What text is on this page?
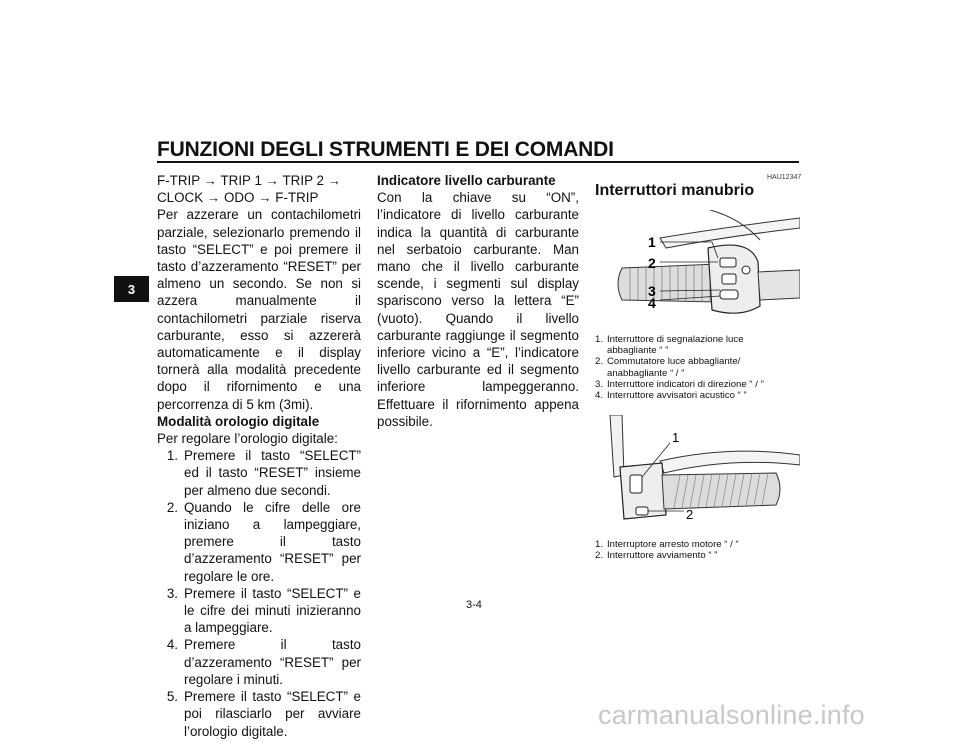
FUNZIONI DEGLI STRUMENTI E DEI COMANDI
3

F-TRIP → TRIP 1 → TRIP 2 → CLOCK → ODO → F-TRIP

Per azzerare un contachilometri parziale, selezionarlo premendo il tasto “SELECT” e poi premere il tasto d’azzeramento “RESET” per almeno un secondo. Se non si azzera manualmente il contachilometri parziale riserva carburante, esso si azzererà automaticamente e il display tornerà alla modalità precedente dopo il rifornimento e una percorrenza di 5 km (3mi).

Modalità orologio digitale

Per regolare l’orologio digitale:

1. Premere il tasto “SELECT” ed il tasto “RESET” insieme per almeno due secondi.
2. Quando le cifre delle ore iniziano a lampeggiare, premere il tasto d’azzeramento “RESET” per regolare le ore.
3. Premere il tasto “SELECT” e le cifre dei minuti inizieranno a lampeggiare.
4. Premere il tasto d’azzeramento “RESET” per regolare i minuti.
5. Premere il tasto “SELECT” e poi rilasciarlo per avviare l’orologio digitale.

Indicatore livello carburante

Con la chiave su “ON”, l’indicatore di livello carburante indica la quantità di carburante nel serbatoio carburante. Man mano che il livello carburante scende, i segmenti sul display spariscono verso la lettera “E” (vuoto). Quando il livello carburante raggiunge il segmento inferiore vicino a “E”, l’indicatore livello carburante ed il segmento inferiore lampeggeranno. Effettuare il rifornimento appena possibile.

HAU12347
Interruttori manubrio
1
2
3
4
1. Interruttore di segnalazione luce abbagliante “ ”
2. Commutatore luce abbagliante/ anabbagliante “ / ”
3. Interruttore indicatori di direzione “ / ”
4. Interruttore avvisatori acustico “ ”
1
2
1. Interruptore arresto motore “ / “
2. Interruttore avviamento “ ”
3-4
carmanualsonline.info
